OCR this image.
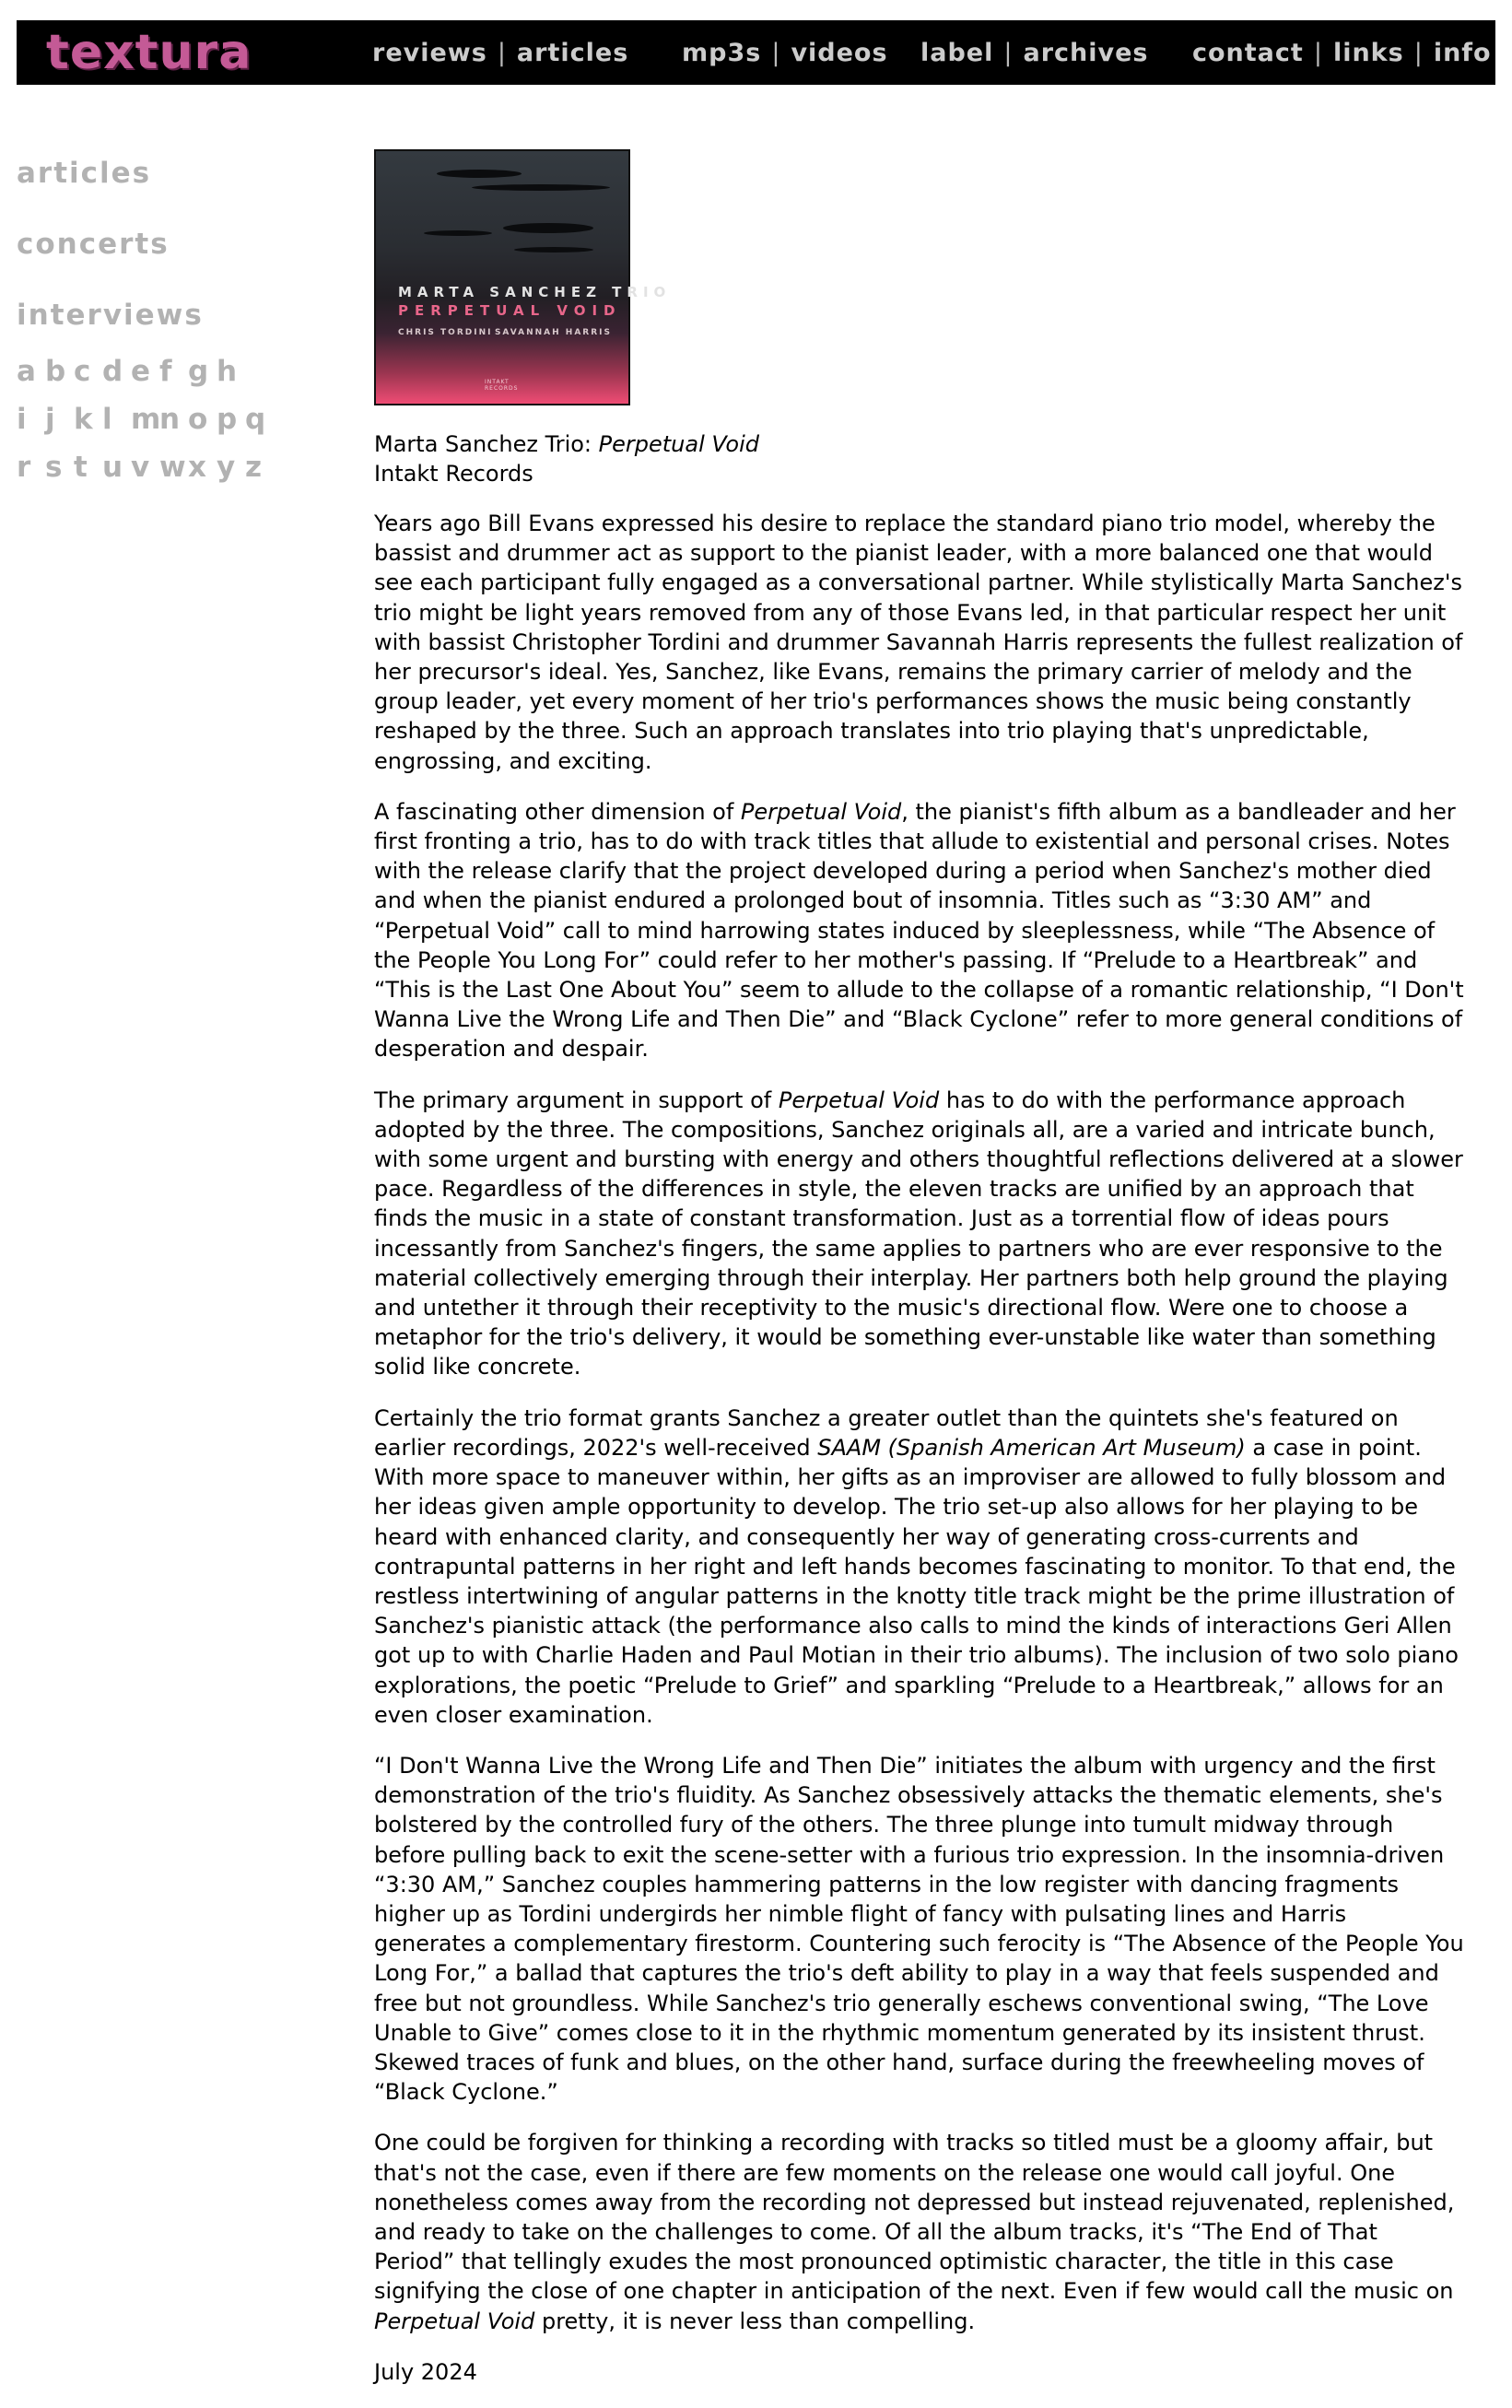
textura	reviews | articles mp3s | videos label | archives contact | links | info
articles
concerts
interviews
a b c d e f g h
i j k l m
n o p q
r s t u v w x y z
MARTA SANCHEZ TRIO
PERPETUAL VOID
CHRIS TORDINI SAVANNAH HARRIS
INTAKT
RECORDS
Marta Sanchez Trio: Perpetual Void
Intakt Records

Years ago Bill Evans expressed his desire to replace the standard piano trio model, whereby the bassist and drummer act as support to the pianist leader, with a more balanced one that would see each participant fully engaged as a conversational partner. While stylistically Marta Sanchez's trio might be light years removed from any of those Evans led, in that particular respect her unit with bassist Christopher Tordini and drummer Savannah Harris represents the fullest realization of her precursor's ideal. Yes, Sanchez, like Evans, remains the primary carrier of melody and the group leader, yet every moment of her trio's performances shows the music being constantly reshaped by the three. Such an approach translates into trio playing that's unpredictable, engrossing, and exciting.

A fascinating other dimension of Perpetual Void, the pianist's fifth album as a bandleader and her first fronting a trio, has to do with track titles that allude to existential and personal crises. Notes with the release clarify that the project developed during a period when Sanchez's mother died and when the pianist endured a prolonged bout of insomnia. Titles such as “3:30 AM” and “Perpetual Void” call to mind harrowing states induced by sleeplessness, while “The Absence of the People You Long For” could refer to her mother's passing. If “Prelude to a Heartbreak” and “This is the Last One About You” seem to allude to the collapse of a romantic relationship, “I Don't Wanna Live the Wrong Life and Then Die” and “Black Cyclone” refer to more general conditions of desperation and despair.

The primary argument in support of Perpetual Void has to do with the performance approach adopted by the three. The compositions, Sanchez originals all, are a varied and intricate bunch, with some urgent and bursting with energy and others thoughtful reflections delivered at a slower pace. Regardless of the differences in style, the eleven tracks are unified by an approach that finds the music in a state of constant transformation. Just as a torrential flow of ideas pours incessantly from Sanchez's fingers, the same applies to partners who are ever responsive to the material collectively emerging through their interplay. Her partners both help ground the playing and untether it through their receptivity to the music's directional flow. Were one to choose a metaphor for the trio's delivery, it would be something ever-unstable like water than something solid like concrete.

Certainly the trio format grants Sanchez a greater outlet than the quintets she's featured on earlier recordings, 2022's well-received SAAM (Spanish American Art Museum) a case in point. With more space to maneuver within, her gifts as an improviser are allowed to fully blossom and her ideas given ample opportunity to develop. The trio set-up also allows for her playing to be heard with enhanced clarity, and consequently her way of generating cross-currents and contrapuntal patterns in her right and left hands becomes fascinating to monitor. To that end, the restless intertwining of angular patterns in the knotty title track might be the prime illustration of Sanchez's pianistic attack (the performance also calls to mind the kinds of interactions Geri Allen got up to with Charlie Haden and Paul Motian in their trio albums). The inclusion of two solo piano explorations, the poetic “Prelude to Grief” and sparkling “Prelude to a Heartbreak,” allows for an even closer examination.

“I Don't Wanna Live the Wrong Life and Then Die” initiates the album with urgency and the first demonstration of the trio's fluidity. As Sanchez obsessively attacks the thematic elements, she's bolstered by the controlled fury of the others. The three plunge into tumult midway through before pulling back to exit the scene-setter with a furious trio expression. In the insomnia-driven “3:30 AM,” Sanchez couples hammering patterns in the low register with dancing fragments higher up as Tordini undergirds her nimble flight of fancy with pulsating lines and Harris generates a complementary firestorm. Countering such ferocity is “The Absence of the People You Long For,” a ballad that captures the trio's deft ability to play in a way that feels suspended and free but not groundless. While Sanchez's trio generally eschews conventional swing, “The Love Unable to Give” comes close to it in the rhythmic momentum generated by its insistent thrust. Skewed traces of funk and blues, on the other hand, surface during the freewheeling moves of “Black Cyclone.”

One could be forgiven for thinking a recording with tracks so titled must be a gloomy affair, but that's not the case, even if there are few moments on the release one would call joyful. One nonetheless comes away from the recording not depressed but instead rejuvenated, replenished, and ready to take on the challenges to come. Of all the album tracks, it's “The End of That Period” that tellingly exudes the most pronounced optimistic character, the title in this case signifying the close of one chapter in anticipation of the next. Even if few would call the music on Perpetual Void pretty, it is never less than compelling.

July 2024
